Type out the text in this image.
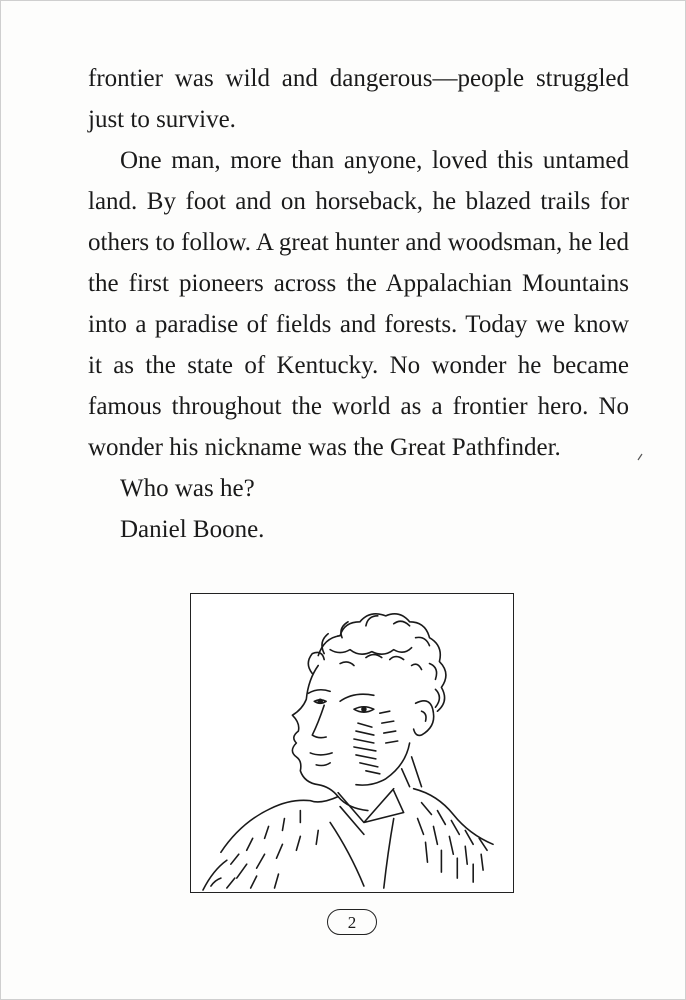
frontier was wild and dangerous—people struggled just to survive.

One man, more than anyone, loved this untamed land. By foot and on horseback, he blazed trails for others to follow. A great hunter and woodsman, he led the first pioneers across the Appalachian Mountains into a paradise of fields and forests. Today we know it as the state of Kentucky. No wonder he became famous throughout the world as a frontier hero. No wonder his nickname was the Great Pathfinder.

Who was he?

Daniel Boone.

2
